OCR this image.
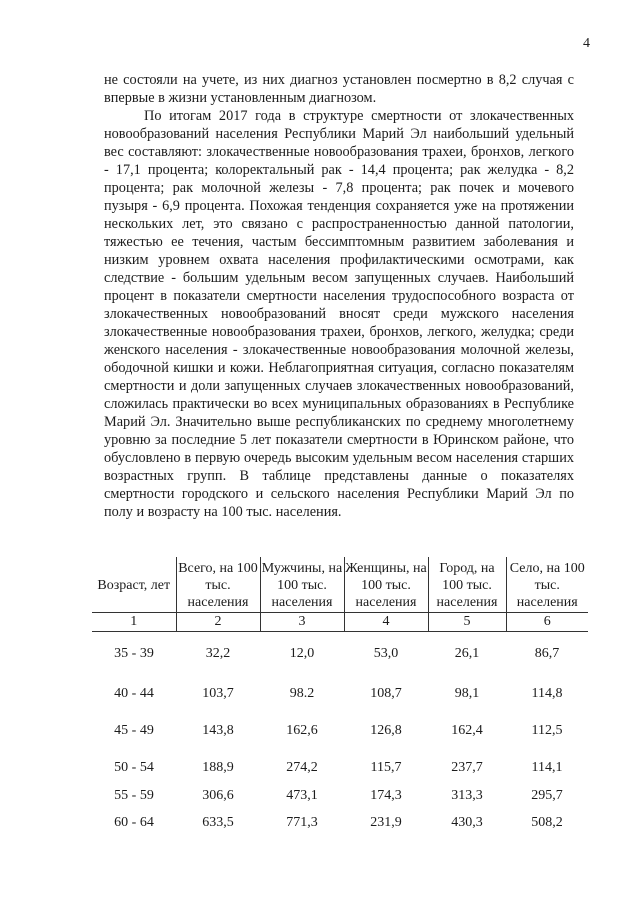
4

не состояли на учете, из них диагноз установлен посмертно в 8,2 случая с впервые в жизни установленным диагнозом.

По итогам 2017 года в структуре смертности от злокачественных новообразований населения Республики Марий Эл наибольший удельный вес составляют: злокачественные новообразования трахеи, бронхов, легкого - 17,1 процента; колоректальный рак - 14,4 процента; рак желудка - 8,2 процента; рак молочной железы - 7,8 процента; рак почек и мочевого пузыря - 6,9 процента. Похожая тенденция сохраняется уже на протяжении нескольких лет, это связано с распространенностью данной патологии, тяжестью ее течения, частым бессимптомным развитием заболевания и низким уровнем охвата населения профилактическими осмотрами, как следствие - большим удельным весом запущенных случаев. Наибольший процент в показатели смертности населения трудоспособного возраста от злокачественных новообразований вносят среди мужского населения злокачественные новообразования трахеи, бронхов, легкого, желудка; среди женского населения - злокачественные новообразования молочной железы, ободочной кишки и кожи. Неблагоприятная ситуация, согласно показателям смертности и доли запущенных случаев злокачественных новообразований, сложилась практически во всех муниципальных образованиях в Республике Марий Эл. Значительно выше республиканских по среднему многолетнему уровню за последние 5 лет показатели смертности в Юринском районе, что обусловлено в первую очередь высоким удельным весом населения старших возрастных групп. В таблице представлены данные о показателях смертности городского и сельского населения Республики Марий Эл по полу и возрасту на 100 тыс. населения.

Возраст, лет	Всего, на 100 тыс. населения	Мужчины, на 100 тыс. населения	Женщины, на 100 тыс. населения	Город, на 100 тыс. населения	Село, на 100 тыс. населения
1	2	3	4	5	6
35 - 39	32,2	12,0	53,0	26,1	86,7
40 - 44	103,7	98.2	108,7	98,1	114,8
45 - 49	143,8	162,6	126,8	162,4	112,5
50 - 54	188,9	274,2	115,7	237,7	114,1
55 - 59	306,6	473,1	174,3	313,3	295,7
60 - 64	633,5	771,3	231,9	430,3	508,2
